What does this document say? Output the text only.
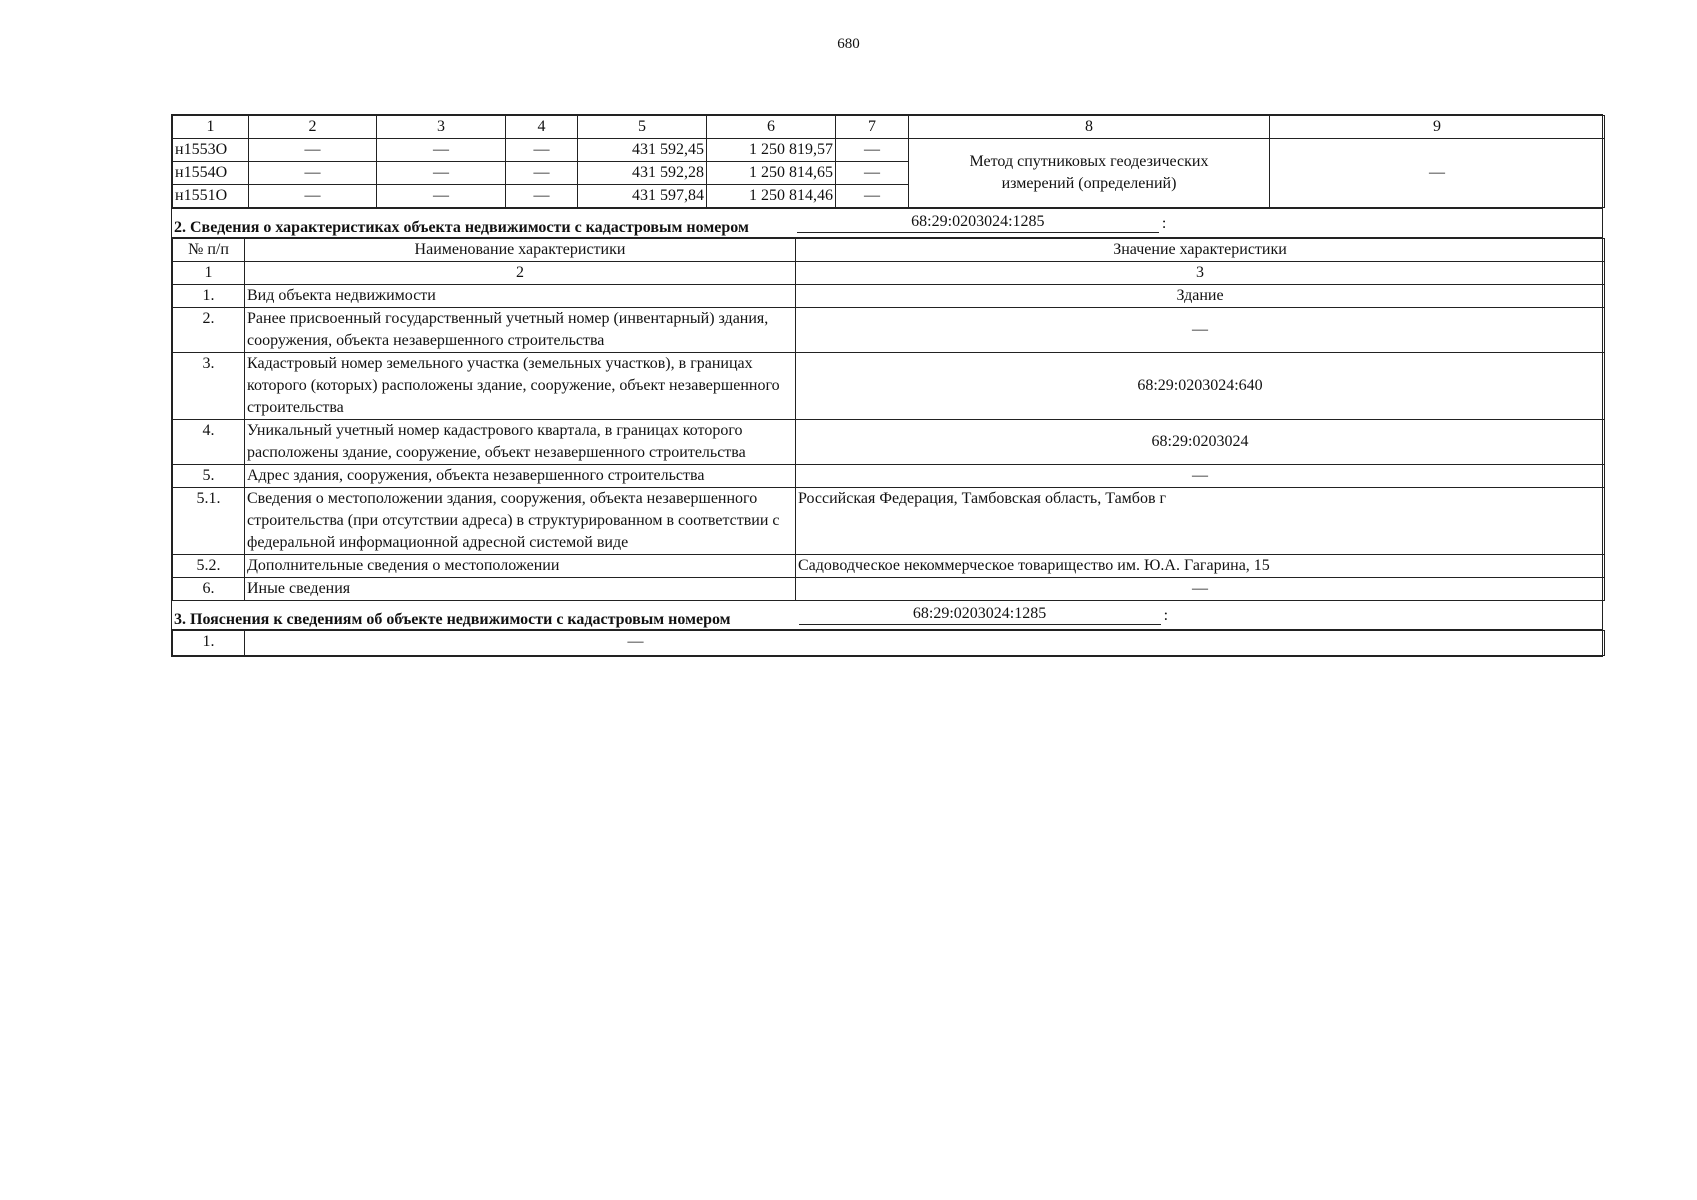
680
1	2	3	4	5	6	7	8	9
н1553О	—	—	—	431 592,45	1 250 819,57	—	Метод спутниковых геодезических измерений (определений)	—
н1554О	—	—	—	431 592,28	1 250 814,65	—		
н1551О	—	—	—	431 597,84	1 250 814,46	—		
2. Сведения о характеристиках объекта недвижимости с кадастровым номером	68:29:0203024:1285	:
№ п/п	Наименование характеристики	Значение характеристики
1	2	3
1.	Вид объекта недвижимости	Здание
2.	Ранее присвоенный государственный учетный номер (инвентарный) здания, сооружения, объекта незавершенного строительства	—
3.	Кадастровый номер земельного участка (земельных участков), в границах которого (которых) расположены здание, сооружение, объект незавершенного строительства	68:29:0203024:640
4.	Уникальный учетный номер кадастрового квартала, в границах которого расположены здание, сооружение, объект незавершенного строительства	68:29:0203024
5.	Адрес здания, сооружения, объекта незавершенного строительства	—
5.1.	Сведения о местоположении здания, сооружения, объекта незавершенного строительства (при отсутствии адреса) в структурированном в соответствии с федеральной информационной адресной системой виде	Российская Федерация, Тамбовская область, Тамбов г
5.2.	Дополнительные сведения о местоположении	Садоводческое некоммерческое товарищество им. Ю.А. Гагарина, 15
6.	Иные сведения	—
3. Пояснения к сведениям об объекте недвижимости с кадастровым номером	68:29:0203024:1285	:
1.	—
